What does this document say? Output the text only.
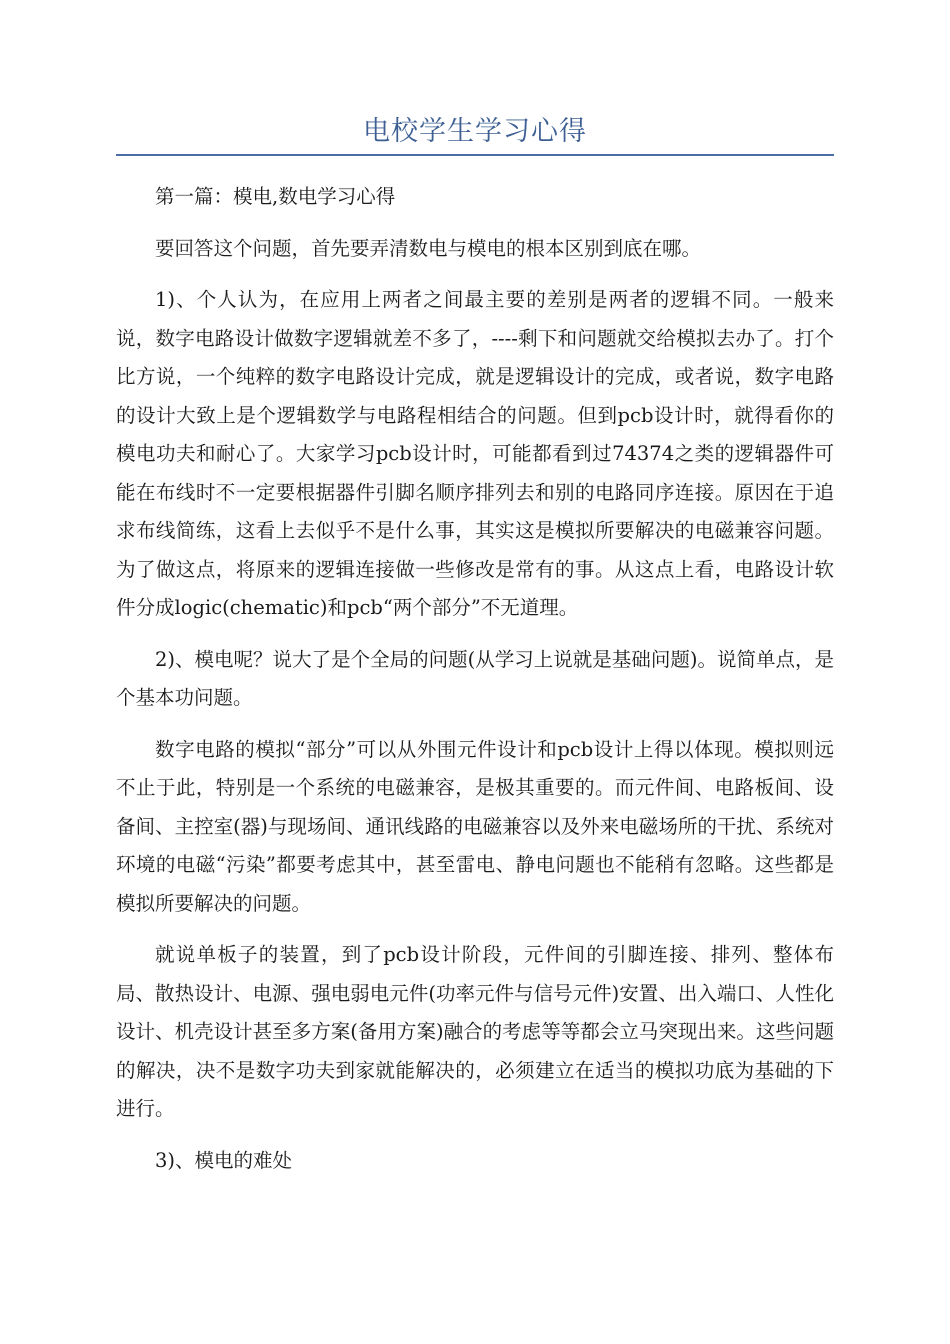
电校学生学习心得

第一篇：模电,数电学习心得

要回答这个问题，首先要弄清数电与模电的根本区别到底在哪。

1)、个人认为，在应用上两者之间最主要的差别是两者的逻辑不同。一般来说，数字电路设计做数字逻辑就差不多了，----剩下和问题就交给模拟去办了。打个比方说，一个纯粹的数字电路设计完成，就是逻辑设计的完成，或者说，数字电路的设计大致上是个逻辑数学与电路程相结合的问题。但到pcb设计时，就得看你的模电功夫和耐心了。大家学习pcb设计时，可能都看到过74374之类的逻辑器件可能在布线时不一定要根据器件引脚名顺序排列去和别的电路同序连接。原因在于追求布线简练，这看上去似乎不是什么事，其实这是模拟所要解决的电磁兼容问题。为了做这点，将原来的逻辑连接做一些修改是常有的事。从这点上看，电路设计软件分成logic(chematic)和pcb“两个部分”不无道理。

2)、模电呢？说大了是个全局的问题(从学习上说就是基础问题)。说简单点，是个基本功问题。

数字电路的模拟“部分”可以从外围元件设计和pcb设计上得以体现。模拟则远不止于此，特别是一个系统的电磁兼容，是极其重要的。而元件间、电路板间、设备间、主控室(器)与现场间、通讯线路的电磁兼容以及外来电磁场所的干扰、系统对环境的电磁“污染”都要考虑其中，甚至雷电、静电问题也不能稍有忽略。这些都是模拟所要解决的问题。

就说单板子的装置，到了pcb设计阶段，元件间的引脚连接、排列、整体布局、散热设计、电源、强电弱电元件(功率元件与信号元件)安置、出入端口、人性化设计、机壳设计甚至多方案(备用方案)融合的考虑等等都会立马突现出来。这些问题的解决，决不是数字功夫到家就能解决的，必须建立在适当的模拟功底为基础的下进行。

3)、模电的难处
